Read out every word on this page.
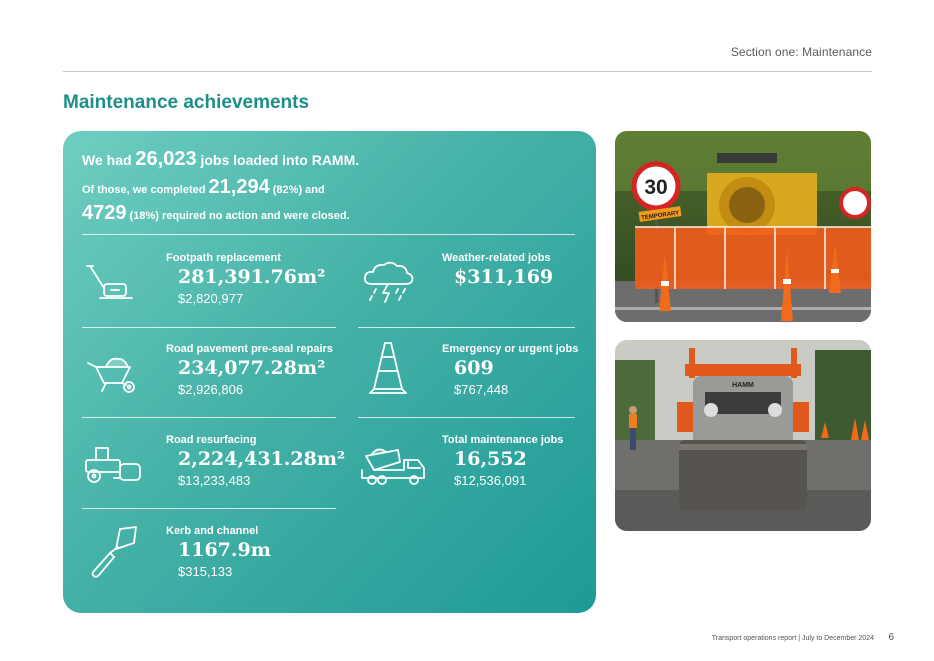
Section one: Maintenance
Maintenance achievements
We had 26,023 jobs loaded into RAMM.
Of those, we completed 21,294 (82%) and
4729 (18%) required no action and were closed.
Footpath replacement
281,391.76m²
$2,820,977
Weather-related jobs
$311,169
Road pavement pre-seal repairs
234,077.28m²
$2,926,806
Emergency or urgent jobs
609
$767,448
Road resurfacing
2,224,431.28m²
$13,233,483
Total maintenance jobs
16,552
$12,536,091
Kerb and channel
1167.9m
$315,133
30
TEMPORARY
HAMM
Transport operations report | July to December 2024 6
